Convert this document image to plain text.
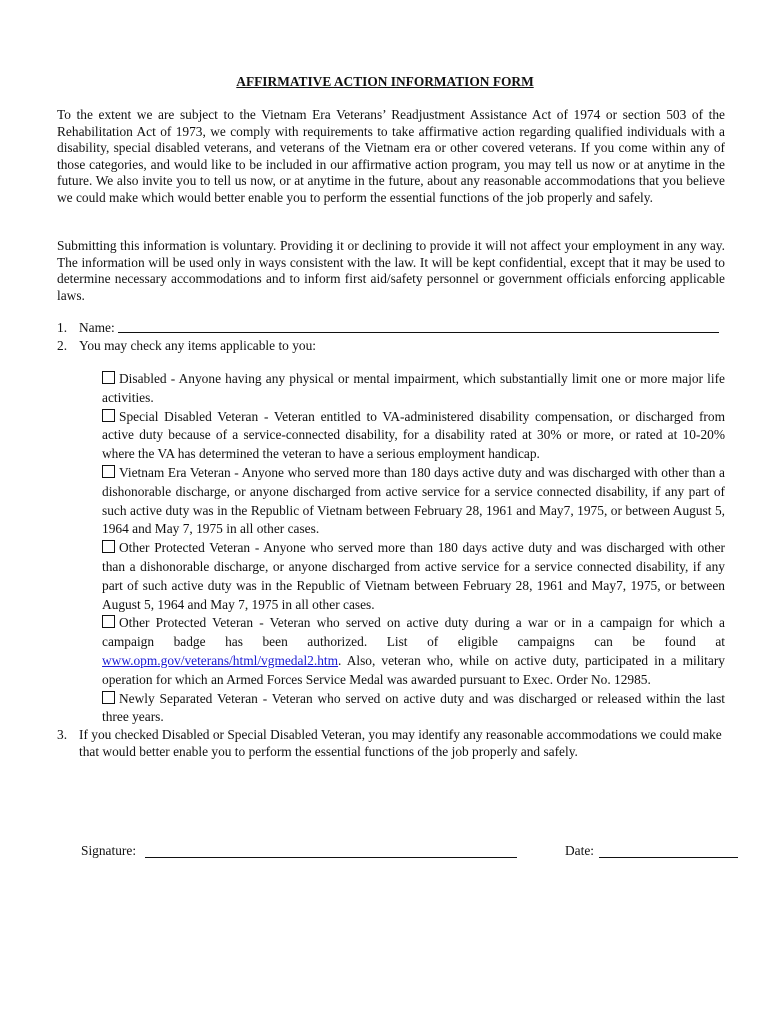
AFFIRMATIVE ACTION INFORMATION FORM

To the extent we are subject to the Vietnam Era Veterans’ Readjustment Assistance Act of 1974 or section 503 of the Rehabilitation Act of 1973, we comply with requirements to take affirmative action regarding qualified individuals with a disability, special disabled veterans, and veterans of the Vietnam era or other covered veterans. If you come within any of those categories, and would like to be included in our affirmative action program, you may tell us now or at anytime in the future. We also invite you to tell us now, or at anytime in the future, about any reasonable accommodations that you believe we could make which would better enable you to perform the essential functions of the job properly and safely.

Submitting this information is voluntary. Providing it or declining to provide it will not affect your employment in any way. The information will be used only in ways consistent with the law. It will be kept confidential, except that it may be used to determine necessary accommodations and to inform first aid/safety personnel or government officials enforcing applicable laws.

1. Name:
2. You may check any items applicable to you:

Disabled - Anyone having any physical or mental impairment, which substantially limit one or more major life activities.

Special Disabled Veteran - Veteran entitled to VA-administered disability compensation, or discharged from active duty because of a service-connected disability, for a disability rated at 30% or more, or rated at 10-20% where the VA has determined the veteran to have a serious employment handicap.

Vietnam Era Veteran - Anyone who served more than 180 days active duty and was discharged with other than a dishonorable discharge, or anyone discharged from active service for a service connected disability, if any part of such active duty was in the Republic of Vietnam between February 28, 1961 and May7, 1975, or between August 5, 1964 and May 7, 1975 in all other cases.

Other Protected Veteran - Anyone who served more than 180 days active duty and was discharged with other than a dishonorable discharge, or anyone discharged from active service for a service connected disability, if any part of such active duty was in the Republic of Vietnam between February 28, 1961 and May7, 1975, or between August 5, 1964 and May 7, 1975 in all other cases.

Other Protected Veteran - Veteran who served on active duty during a war or in a campaign for which a campaign badge has been authorized. List of eligible campaigns can be found at www.opm.gov/veterans/html/vgmedal2.htm. Also, veteran who, while on active duty, participated in a military operation for which an Armed Forces Service Medal was awarded pursuant to Exec. Order No. 12985.

Newly Separated Veteran - Veteran who served on active duty and was discharged or released within the last three years.

3. If you checked Disabled or Special Disabled Veteran, you may identify any reasonable accommodations we could make that would better enable you to perform the essential functions of the job properly and safely.
Signature:	Date:
